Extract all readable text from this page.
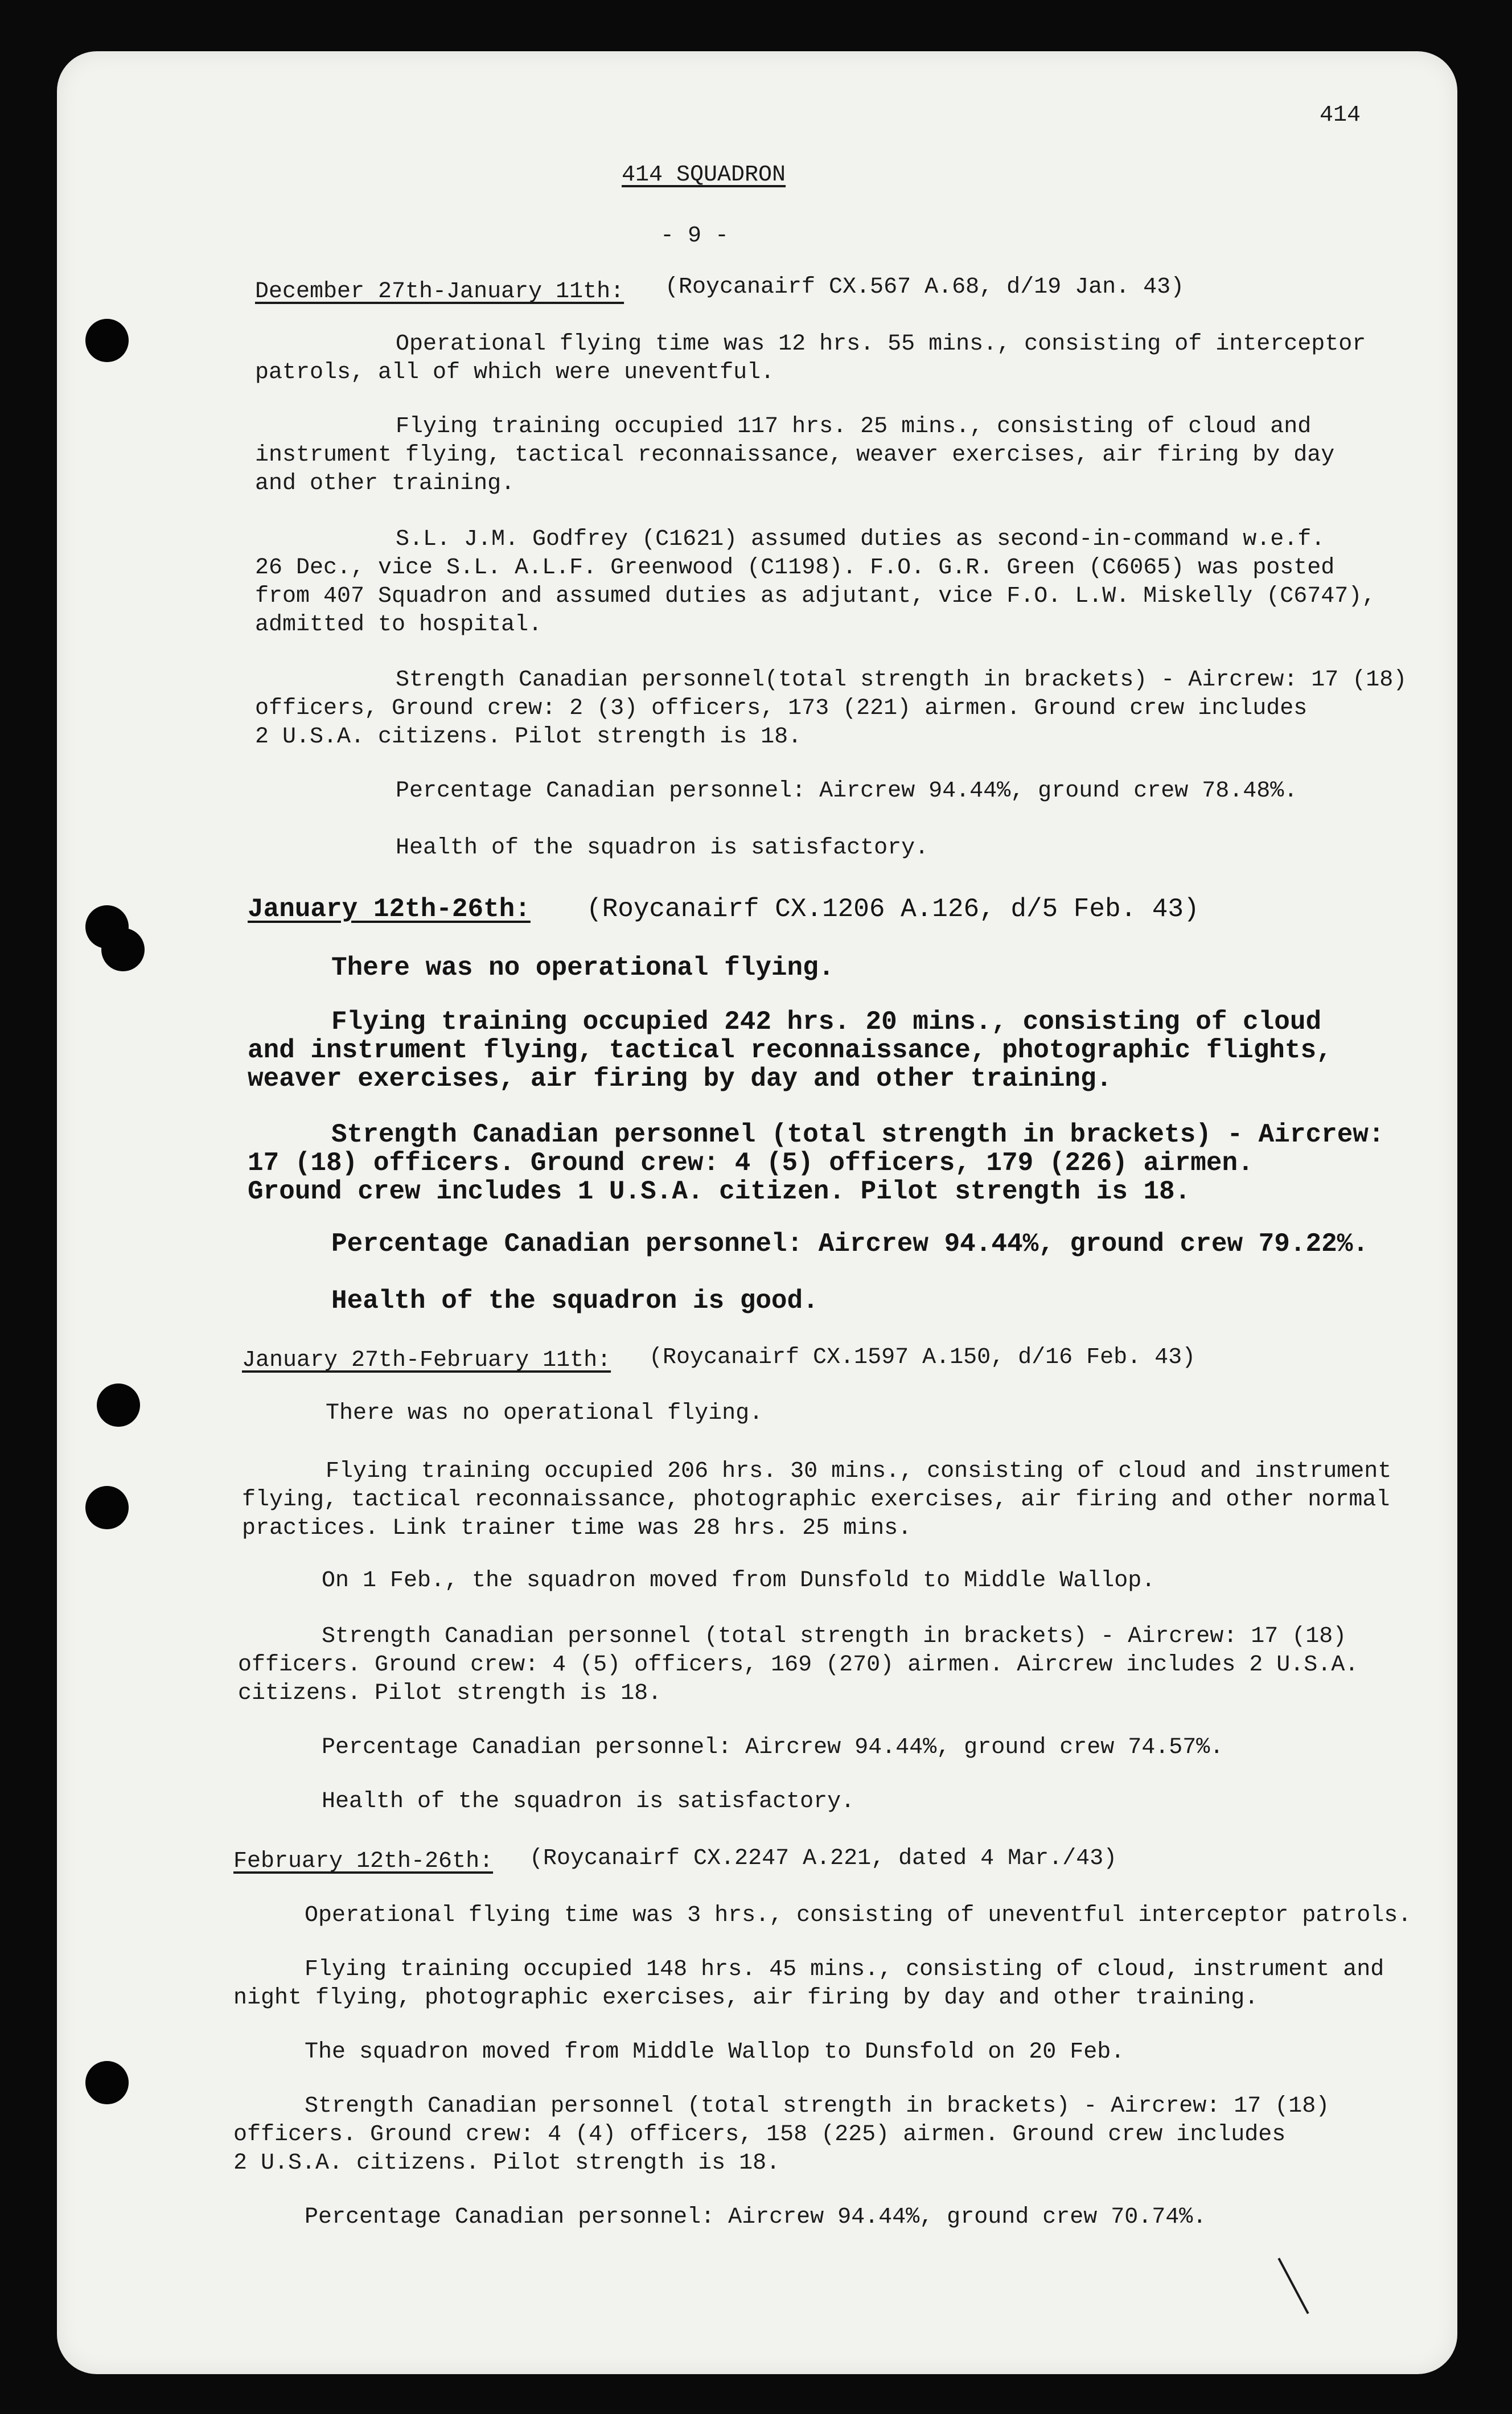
414
414 SQUADRON
- 9 -
December 27th-January 11th: (Roycanairf CX.567 A.68, d/19 Jan. 43)
Operational flying time was 12 hrs. 55 mins., consisting of interceptor
patrols, all of which were uneventful.
Flying training occupied 117 hrs. 25 mins., consisting of cloud and
instrument flying, tactical reconnaissance, weaver exercises, air firing by day
and other training.
S.L. J.M. Godfrey (C1621) assumed duties as second-in-command w.e.f.
26 Dec., vice S.L. A.L.F. Greenwood (C1198). F.O. G.R. Green (C6065) was posted
from 407 Squadron and assumed duties as adjutant, vice F.O. L.W. Miskelly (C6747),
admitted to hospital.
Strength Canadian personnel(total strength in brackets) - Aircrew: 17 (18)
officers, Ground crew: 2 (3) officers, 173 (221) airmen. Ground crew includes
2 U.S.A. citizens. Pilot strength is 18.
Percentage Canadian personnel: Aircrew 94.44%, ground crew 78.48%.
Health of the squadron is satisfactory.
January 12th-26th: (Roycanairf CX.1206 A.126, d/5 Feb. 43)
There was no operational flying.
Flying training occupied 242 hrs. 20 mins., consisting of cloud
and instrument flying, tactical reconnaissance, photographic flights,
weaver exercises, air firing by day and other training.
Strength Canadian personnel (total strength in brackets) - Aircrew:
17 (18) officers. Ground crew: 4 (5) officers, 179 (226) airmen.
Ground crew includes 1 U.S.A. citizen. Pilot strength is 18.
Percentage Canadian personnel: Aircrew 94.44%, ground crew 79.22%.
Health of the squadron is good.
January 27th-February 11th: (Roycanairf CX.1597 A.150, d/16 Feb. 43)
There was no operational flying.
Flying training occupied 206 hrs. 30 mins., consisting of cloud and instrument
flying, tactical reconnaissance, photographic exercises, air firing and other normal
practices. Link trainer time was 28 hrs. 25 mins.
On 1 Feb., the squadron moved from Dunsfold to Middle Wallop.
Strength Canadian personnel (total strength in brackets) - Aircrew: 17 (18)
officers. Ground crew: 4 (5) officers, 169 (270) airmen. Aircrew includes 2 U.S.A.
citizens. Pilot strength is 18.
Percentage Canadian personnel: Aircrew 94.44%, ground crew 74.57%.
Health of the squadron is satisfactory.
February 12th-26th: (Roycanairf CX.2247 A.221, dated 4 Mar./43)
Operational flying time was 3 hrs., consisting of uneventful interceptor patrols.
Flying training occupied 148 hrs. 45 mins., consisting of cloud, instrument and
night flying, photographic exercises, air firing by day and other training.
The squadron moved from Middle Wallop to Dunsfold on 20 Feb.
Strength Canadian personnel (total strength in brackets) - Aircrew: 17 (18)
officers. Ground crew: 4 (4) officers, 158 (225) airmen. Ground crew includes
2 U.S.A. citizens. Pilot strength is 18.
Percentage Canadian personnel: Aircrew 94.44%, ground crew 70.74%.
